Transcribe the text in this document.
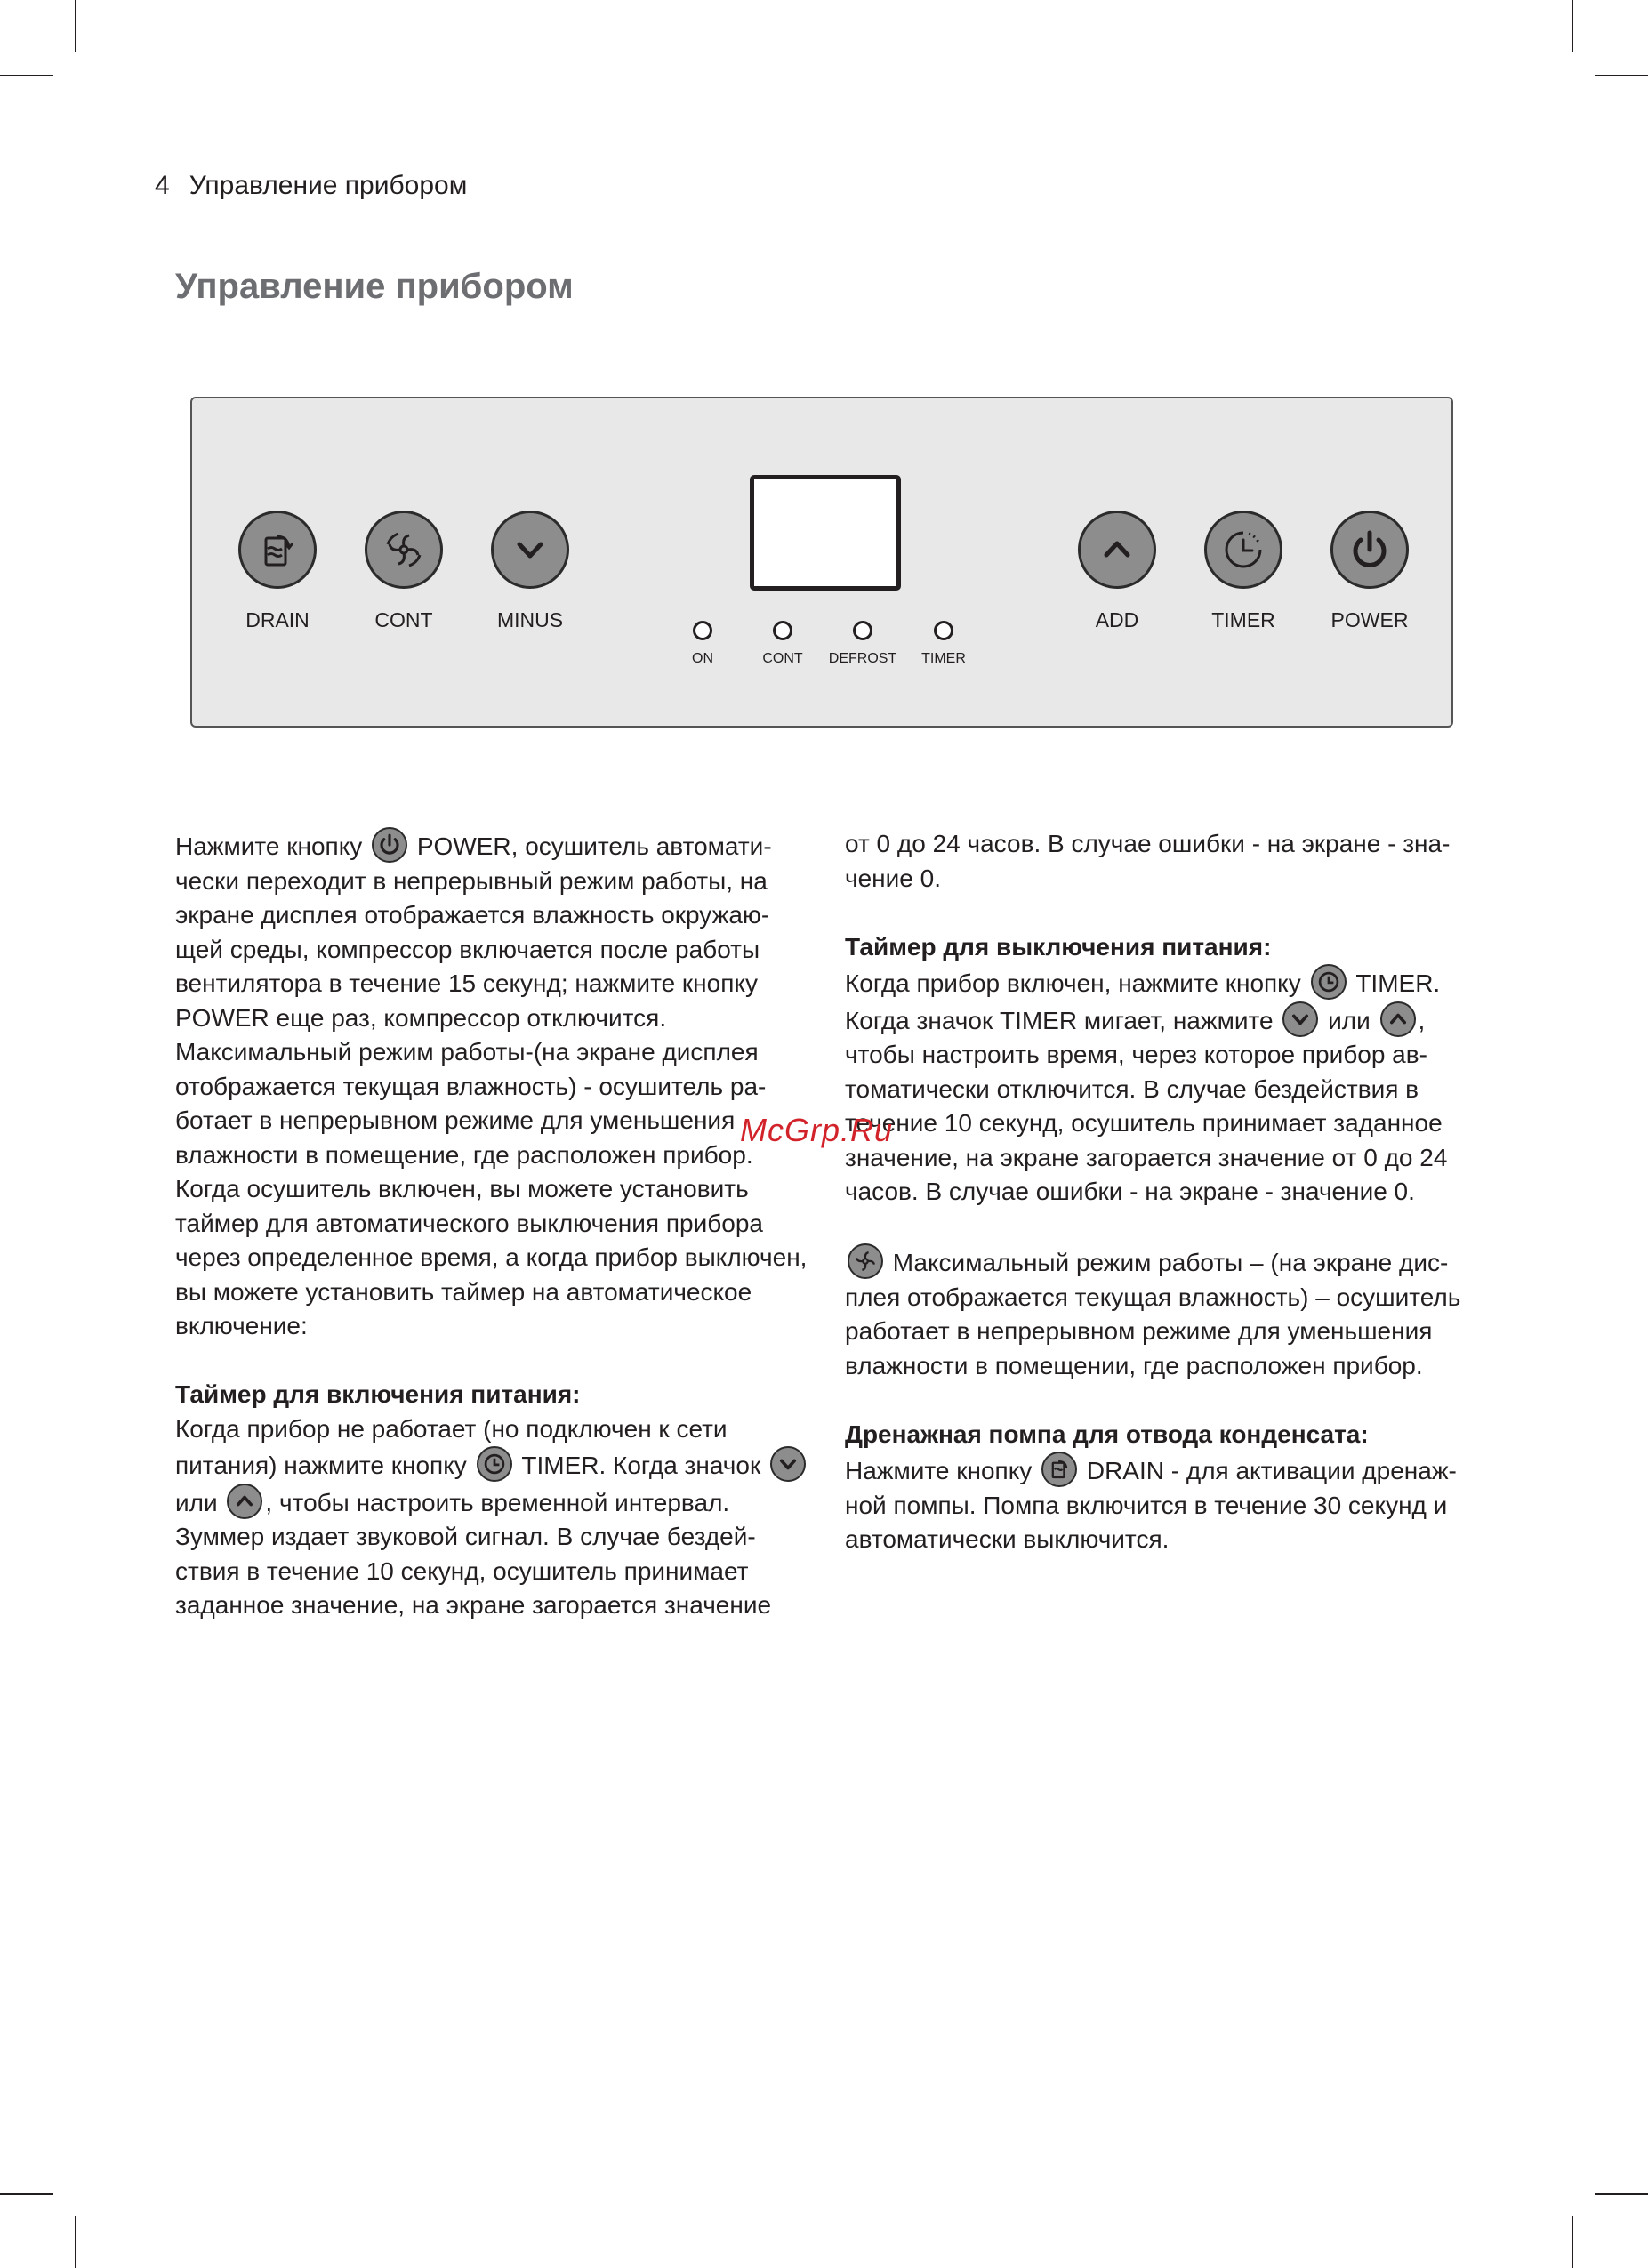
4 Управление прибором
Управление прибором
DRAIN	CONT	MINUS
ON	CONT	DEFROST	TIMER
ADD	TIMER	POWER

Нажмите кнопку POWER, осушитель автомати-чески переходит в непрерывный режим работы, на экране дисплея отображается влажность окружаю-щей среды, компрессор включается после работы вентилятора в течение 15 секунд; нажмите кнопку POWER еще раз, компрессор отключится. Максимальный режим работы-(на экране дисплея отображается текущая влажность) - осушитель ра-ботает в непрерывном режиме для уменьшения влажности в помещение, где расположен прибор. Когда осушитель включен, вы можете установить таймер для автоматического выключения прибора через определенное время, а когда прибор выключен, вы можете установить таймер на автоматическое включение:

Таймер для включения питания:

Когда прибор не работает (но подключен к сети питания) нажмите кнопку TIMER. Когда значок
или , чтобы настроить временной интервал. Зуммер издает звуковой сигнал. В случае бездей-ствия в течение 10 секунд, осушитель принимает заданное значение, на экране загорается значение

от 0 до 24 часов. В случае ошибки - на экране - зна-чение 0.

Таймер для выключения питания:

Когда прибор включен, нажмите кнопку TIMER. Когда значок TIMER мигает, нажмите или , чтобы настроить время, через которое прибор ав-томатически отключится. В случае бездействия в течение 10 секунд, осушитель принимает заданное значение, на экране загорается значение от 0 до 24 часов. В случае ошибки - на экране - значение 0.

Максимальный режим работы – (на экране дис-плея отображается текущая влажность) – осушитель работает в непрерывном режиме для уменьшения влажности в помещении, где расположен прибор.

Дренажная помпа для отвода конденсата:

Нажмите кнопку DRAIN - для активации дренаж-ной помпы. Помпа включится в течение 30 секунд и автоматически выключится.

McGrp.Ru
